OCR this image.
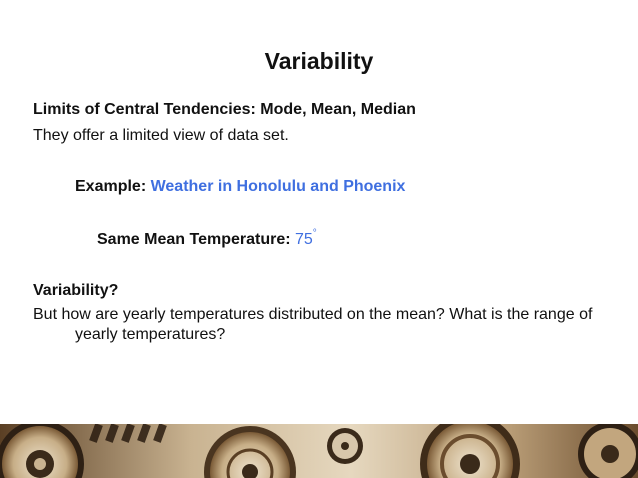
Variability
Limits of Central Tendencies: Mode, Mean, Median
They offer a limited view of data set.
Example: Weather in Honolulu and Phoenix
Same Mean Temperature: 75°
Variability?
But how are yearly temperatures distributed on the mean? What is the range of yearly temperatures?
